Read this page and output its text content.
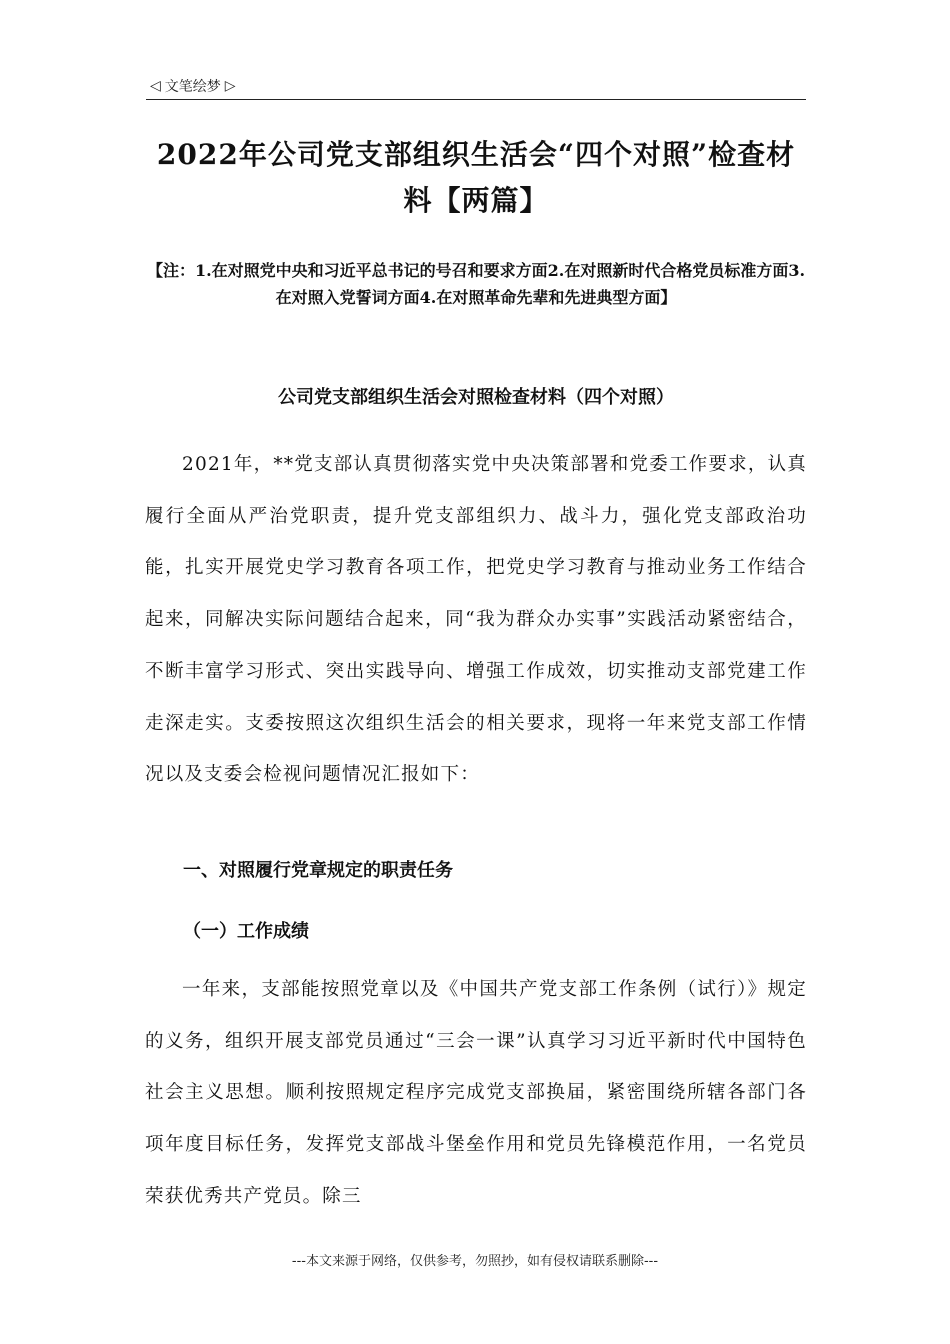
◁ 文笔绘梦 ▷
2022年公司党支部组织生活会“四个对照”检查材料【两篇】
【注：1.在对照党中央和习近平总书记的号召和要求方面2.在对照新时代合格党员标准方面3.在对照入党誓词方面4.在对照革命先辈和先进典型方面】
公司党支部组织生活会对照检查材料（四个对照）

2021年，**党支部认真贯彻落实党中央决策部署和党委工作要求，认真履行全面从严治党职责，提升党支部组织力、战斗力，强化党支部政治功能，扎实开展党史学习教育各项工作，把党史学习教育与推动业务工作结合起来，同解决实际问题结合起来，同“我为群众办实事”实践活动紧密结合，不断丰富学习形式、突出实践导向、增强工作成效，切实推动支部党建工作走深走实。支委按照这次组织生活会的相关要求，现将一年来党支部工作情况以及支委会检视问题情况汇报如下：

一、对照履行党章规定的职责任务
（一）工作成绩

一年来，支部能按照党章以及《中国共产党支部工作条例（试行）》规定的义务，组织开展支部党员通过“三会一课”认真学习习近平新时代中国特色社会主义思想。顺利按照规定程序完成党支部换届，紧密围绕所辖各部门各项年度目标任务，发挥党支部战斗堡垒作用和党员先锋模范作用，一名党员荣获优秀共产党员。除三

---本文来源于网络，仅供参考，勿照抄，如有侵权请联系删除---
